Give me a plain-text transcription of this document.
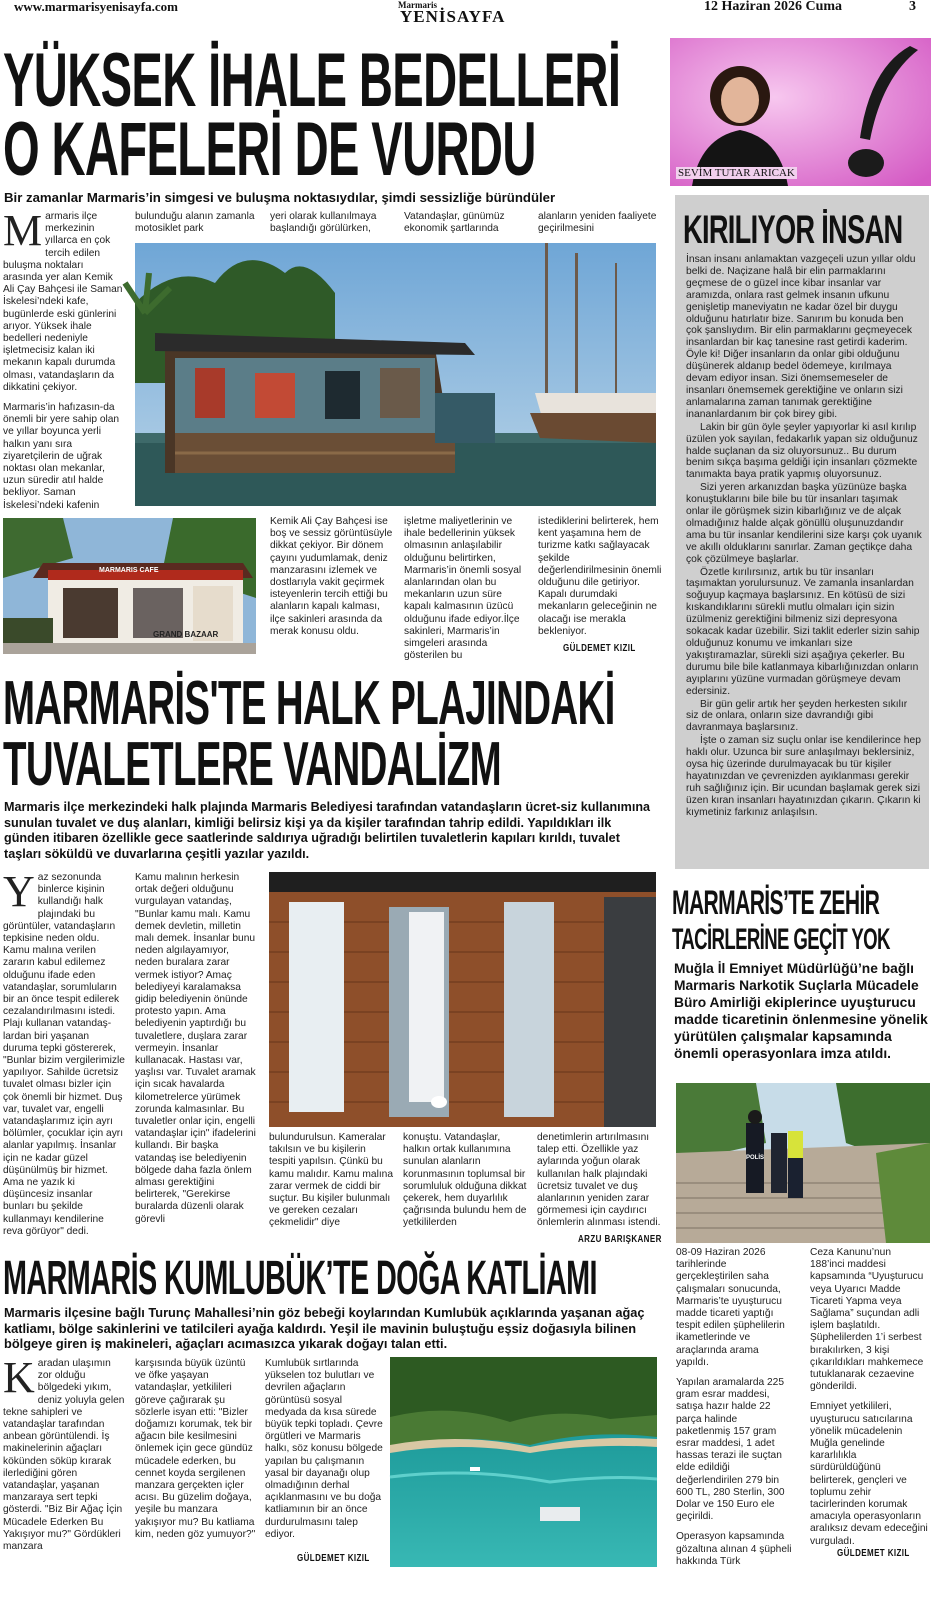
www.marmarisyenisayfa.com	Marmaris
YENİSAYFA
12 Haziran 2026 Cuma	3
YÜKSEK İHALE BEDELLERİ
O KAFELERİ DE VURDU
Bir zamanlar Marmaris’in simgesi ve buluşma noktasıydılar, şimdi sessizliğe büründüler

Marmaris ilçe merkezinin yıllarca en çok tercih edilen buluşma noktaları arasında yer alan Kemik Ali Çay Bahçesi ile Saman İskelesi’ndeki kafe, bugünlerde eski günlerini arıyor. Yüksek ihale bedelleri nedeniyle işletmecisiz kalan iki mekanın kapalı durumda olması, vatandaşların da dikkatini çekiyor.

Marmaris’in hafızasın-da önemli bir yere sahip olan ve yıllar boyunca yerli halkın yanı sıra ziyaretçilerin de uğrak noktası olan mekanlar, uzun süredir atıl halde bekliyor. Saman İskelesi’ndeki kafenin

bulunduğu alanın zamanla motosiklet park
yeri olarak kullanılmaya başlandığı görülürken,
Vatandaşlar, günümüz ekonomik şartlarında
alanların yeniden faaliyete geçirilmesini
MARMARIS CAFE
GRAND BAZAAR
Kemik Ali Çay Bahçesi ise boş ve sessiz görüntüsüyle dikkat çekiyor. Bir dönem çayını yudumlamak, deniz manzarasını izlemek ve dostlarıyla vakit geçirmek isteyenlerin tercih ettiği bu alanların kapalı kalması, ilçe sakinleri arasında da merak konusu oldu.
işletme maliyetlerinin ve ihale bedellerinin yüksek olmasının anlaşılabilir olduğunu belirtirken, Marmaris’in önemli sosyal alanlarından olan bu mekanların uzun süre kapalı kalmasının üzücü olduğunu ifade ediyor.İlçe sakinleri, Marmaris’in simgeleri arasında gösterilen bu
istediklerini belirterek, hem kent yaşamına hem de turizme katkı sağlayacak şekilde değerlendirilmesinin önemli olduğunu dile getiriyor. Kapalı durumdaki mekanların geleceğinin ne olacağı ise merakla bekleniyor.
GÜLDEMET KIZIL
SEVİM TUTAR ARICAK
KIRILIYOR İNSAN

İnsan insanı anlamaktan vazgeçeli uzun yıllar oldu belki de. Naçizane halâ bir elin parmaklarını geçmese de o güzel ince kibar insanlar var aramızda, onlara rast gelmek insanın ufkunu genişletip maneviyatın ne kadar özel bir duygu olduğunu hatırlatır bize. Sanırım bu konuda ben çok şanslıydım. Bir elin parmaklarını geçmeyecek insanlardan bir kaç tanesine rast getirdi kaderim. Öyle ki! Diğer insanların da onlar gibi olduğunu düşünerek aldanıp bedel ödemeye, kırılmaya devam ediyor insan. Sizi önemsemeseler de insanları önemsemek gerektiğine ve onların sizi anlamalarına zaman tanımak gerektiğine inananlardanım bir çok birey gibi.

Lakin bir gün öyle şeyler yapıyorlar ki asıl kırılıp üzülen yok sayılan, fedakarlık yapan siz olduğunuz halde suçlanan da siz oluyorsunuz.. Bu durum benim sıkça başıma geldiği için insanları çözmekte tanımakta baya pratik yapmış oluyorsunuz.

Sizi yeren arkanızdan başka yüzünüze başka konuştuklarını bile bile bu tür insanları taşımak onlar ile görüşmek sizin kibarlığınız ve de alçak olmadığınız halde alçak gönüllü oluşunuzdandır ama bu tür insanlar kendilerini size karşı çok uyanık ve akıllı olduklarını sanırlar. Zaman geçtikçe daha çok çözülmeye başlarlar.

Özetle kırılırsınız, artık bu tür insanları taşımaktan yorulursunuz. Ve zamanla insanlardan soğuyup kaçmaya başlarsınız. En kötüsü de sizi kıskandıklarını sürekli mutlu olmaları için sizin üzülmeniz gerektiğini bilmeniz sizi depresyona sokacak kadar üzebilir. Sizi taklit ederler sizin sahip olduğunuz konumu ve imkanları size yakıştıramazlar, sürekli sizi aşağıya çekerler. Bu durumu bile bile katlanmaya kibarlığınızdan onların ayıplarını yüzüne vurmadan görüşmeye devam edersiniz.

Bir gün gelir artık her şeyden herkesten sıkılır siz de onlara, onların size davrandığı gibi davranmaya başlarsınız.

İşte o zaman siz suçlu onlar ise kendilerince hep haklı olur. Uzunca bir sure anlaşılmayı beklersiniz, oysa hiç üzerinde durulmayacak bu tür kişiler hayatınızdan ve çevrenizden ayıklanması gerekir ruh sağlığınız için. Bir ucundan başlamak gerek sizi üzen kıran insanları hayatınızdan çıkarın. Çıkarın ki kıymetiniz farkınız anlaşılsın.

MARMARİS'TE HALK PLAJINDAKİ
TUVALETLERE VANDALİZM
Marmaris ilçe merkezindeki halk plajında Marmaris Belediyesi tarafından vatandaşların ücret-siz kullanımına sunulan tuvalet ve duş alanları, kimliği belirsiz kişi ya da kişiler tarafından tahrip edildi. Yapıldıkları ilk günden itibaren özellikle gece saatlerinde saldırıya uğradığı belirtilen tuvaletlerin kapıları kırıldı, tuvalet taşları söküldü ve duvarlarına çeşitli yazılar yazıldı.
Yaz sezonunda binlerce kişinin kullandığı halk plajındaki bu görüntüler, vatandaşların tepkisine neden oldu. Kamu malına verilen zararın kabul edilemez olduğunu ifade eden vatandaşlar, sorumluların bir an önce tespit edilerek cezalandırılmasını istedi. Plajı kullanan vatandaş-lardan biri yaşanan duruma tepki göstererek, "Bunlar bizim vergilerimizle yapılıyor. Sahilde ücretsiz tuvalet olması bizler için çok önemli bir hizmet. Duş var, tuvalet var, engelli vatandaşlarımız için ayrı bölümler, çocuklar için ayrı alanlar yapılmış. İnsanlar için ne kadar güzel düşünülmüş bir hizmet. Ama ne yazık ki düşüncesiz insanlar bunları bu şekilde kullanmayı kendilerine reva görüyor" dedi.
Kamu malının herkesin ortak değeri olduğunu vurgulayan vatandaş, "Bunlar kamu malı. Kamu demek devletin, milletin malı demek. İnsanlar bunu neden algılayamıyor, neden buralara zarar vermek istiyor? Amaç belediyeyi karalamaksa gidip belediyenin önünde protesto yapın. Ama belediyenin yaptırdığı bu tuvaletlere, duşlara zarar vermeyin. İnsanlar kullanacak. Hastası var, yaşlısı var. Tuvalet aramak için sıcak havalarda kilometrelerce yürümek zorunda kalmasınlar. Bu tuvaletler onlar için, engelli vatandaşlar için" ifadelerini kullandı. Bir başka vatandaş ise belediyenin bölgede daha fazla önlem alması gerektiğini belirterek, "Gerekirse buralarda düzenli olarak görevli
bulundurulsun. Kameralar takılsın ve bu kişilerin tespiti yapılsın. Çünkü bu kamu malıdır. Kamu malına zarar vermek de ciddi bir suçtur. Bu kişiler bulunmalı ve gereken cezaları çekmelidir" diye
konuştu. Vatandaşlar, halkın ortak kullanımına sunulan alanların korunmasının toplumsal bir sorumluluk olduğuna dikkat çekerek, hem duyarlılık çağrısında bulundu hem de yetkililerden
denetimlerin artırılmasını talep etti. Özellikle yaz aylarında yoğun olarak kullanılan halk plajındaki ücretsiz tuvalet ve duş alanlarının yeniden zarar görmemesi için caydırıcı önlemlerin alınması istendi.
ARZU BARIŞKANER
MARMARİS’TE ZEHİR
TACİRLERİNE GEÇİT YOK
Muğla İl Emniyet Müdürlüğü’ne bağlı Marmaris Narkotik Suçlarla Mücadele Büro Amirliği ekiplerince uyuşturucu madde ticaretinin önlenmesine yönelik yürütülen çalışmalar kapsamında önemli operasyonlara imza atıldı.
POLİS

08-09 Haziran 2026 tarihlerinde gerçekleştirilen saha çalışmaları sonucunda, Marmaris’te uyuşturucu madde ticareti yaptığı tespit edilen şüphelilerin ikametlerinde ve araçlarında arama yapıldı.

Yapılan aramalarda 225 gram esrar maddesi, satışa hazır halde 22 parça halinde paketlenmiş 157 gram esrar maddesi, 1 adet hassas terazi ile suçtan elde edildiği değerlendirilen 279 bin 600 TL, 280 Sterlin, 300 Dolar ve 150 Euro ele geçirildi.

Operasyon kapsamında gözaltına alınan 4 şüpheli hakkında Türk

Ceza Kanunu’nun 188’inci maddesi kapsamında “Uyuşturucu veya Uyarıcı Madde Ticareti Yapma veya Sağlama” suçundan adli işlem başlatıldı. Şüphelilerden 1’i serbest bırakılırken, 3 kişi çıkarıldıkları mahkemece tutuklanarak cezaevine gönderildi.

Emniyet yetkilileri, uyuşturucu satıcılarına yönelik mücadelenin Muğla genelinde kararlılıkla sürdürüldüğünü belirterek, gençleri ve toplumu zehir tacirlerinden korumak amacıyla operasyonların aralıksız devam edeceğini vurguladı.

GÜLDEMET KIZIL
MARMARİS KUMLUBÜK’TE DOĞA KATLİAMI
Marmaris ilçesine bağlı Turunç Mahallesi’nin göz bebeği koylarından Kumlubük açıklarında yaşanan ağaç katliamı, bölge sakinlerini ve tatilcileri ayağa kaldırdı. Yeşil ile mavinin buluştuğu eşsiz doğasıyla bilinen bölgeye giren iş makineleri, ağaçları acımasızca yıkarak doğayı talan etti.
Karadan ulaşımın zor olduğu bölgedeki yıkım, deniz yoluyla gelen tekne sahipleri ve vatandaşlar tarafından anbean görüntülendi. İş makinelerinin ağaçları kökünden söküp kırarak ilerlediğini gören vatandaşlar, yaşanan manzaraya sert tepki gösterdi. "Biz Bir Ağaç İçin Mücadele Ederken Bu Yakışıyor mu?" Gördükleri manzara
karşısında büyük üzüntü ve öfke yaşayan vatandaşlar, yetkilileri göreve çağırarak şu sözlerle isyan etti: "Bizler doğamızı korumak, tek bir ağacın bile kesilmesini önlemek için gece gündüz mücadele ederken, bu cennet koyda sergilenen manzara gerçekten içler acısı. Bu güzelim doğaya, yeşile bu manzara yakışıyor mu? Bu katliama kim, neden göz yumuyor?"
Kumlubük sırtlarında yükselen toz bulutları ve devrilen ağaçların görüntüsü sosyal medyada da kısa sürede büyük tepki topladı. Çevre örgütleri ve Marmaris halkı, söz konusu bölgede yapılan bu çalışmanın yasal bir dayanağı olup olmadığının derhal açıklanmasını ve bu doğa katliamının bir an önce durdurulmasını talep ediyor.
GÜLDEMET KIZIL
